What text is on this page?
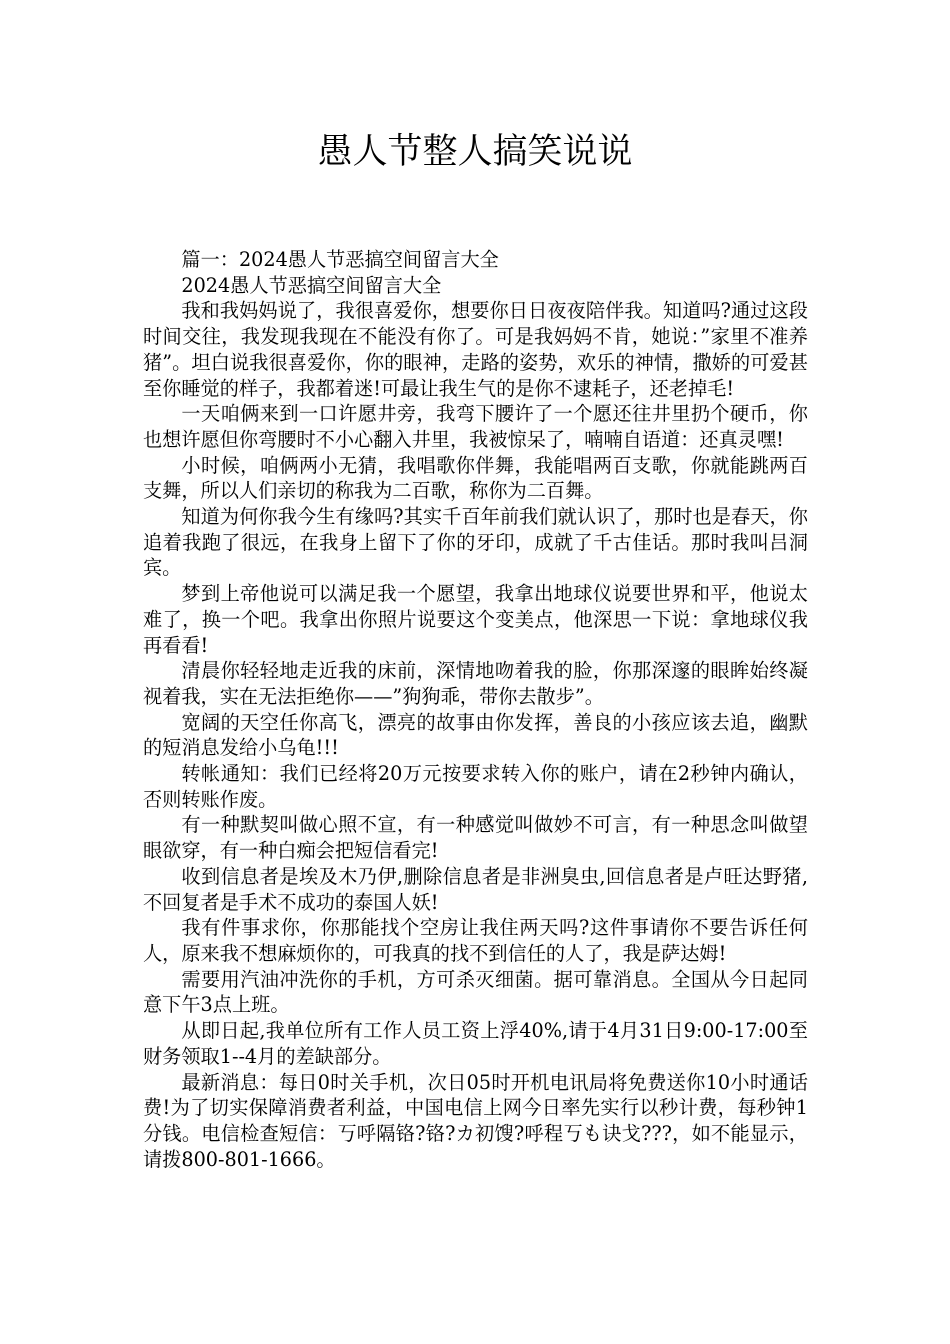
愚人节整人搞笑说说

篇一：2024愚人节恶搞空间留言大全

2024愚人节恶搞空间留言大全

我和我妈妈说了，我很喜爱你，想要你日日夜夜陪伴我。知道吗?通过这段时间交往，我发现我现在不能没有你了。可是我妈妈不肯，她说：”家里不准养猪”。坦白说我很喜爱你，你的眼神，走路的姿势，欢乐的神情，撒娇的可爱甚至你睡觉的样子，我都着迷!可最让我生气的是你不逮耗子，还老掉毛!

一天咱俩来到一口许愿井旁，我弯下腰许了一个愿还往井里扔个硬币，你也想许愿但你弯腰时不小心翻入井里，我被惊呆了，喃喃自语道：还真灵嘿!

小时候，咱俩两小无猜，我唱歌你伴舞，我能唱两百支歌，你就能跳两百支舞，所以人们亲切的称我为二百歌，称你为二百舞。

知道为何你我今生有缘吗?其实千百年前我们就认识了，那时也是春天，你追着我跑了很远，在我身上留下了你的牙印，成就了千古佳话。那时我叫吕洞宾。

梦到上帝他说可以满足我一个愿望，我拿出地球仪说要世界和平，他说太难了，换一个吧。我拿出你照片说要这个变美点，他深思一下说：拿地球仪我再看看!

清晨你轻轻地走近我的床前，深情地吻着我的脸，你那深邃的眼眸始终凝视着我，实在无法拒绝你——”狗狗乖，带你去散步”。

宽阔的天空任你高飞，漂亮的故事由你发挥，善良的小孩应该去追，幽默的短消息发给小乌龟!!!

转帐通知：我们已经将20万元按要求转入你的账户，请在2秒钟内确认，否则转账作废。

有一种默契叫做心照不宣，有一种感觉叫做妙不可言，有一种思念叫做望眼欲穿，有一种白痴会把短信看完!

收到信息者是埃及木乃伊,删除信息者是非洲臭虫,回信息者是卢旺达野猪,不回复者是手术不成功的泰国人妖!

我有件事求你，你那能找个空房让我住两天吗?这件事请你不要告诉任何人，原来我不想麻烦你的，可我真的找不到信任的人了，我是萨达姆!

需要用汽油冲洗你的手机，方可杀灭细菌。据可靠消息。全国从今日起同意下午3点上班。

从即日起,我单位所有工作人员工资上浮40%,请于4月31日9:00-17:00至财务领取1--4月的差缺部分。

最新消息：每日0时关手机，次日05时开机电讯局将免费送你10小时通话费!为了切实保障消费者利益，中国电信上网今日率先实行以秒计费，每秒钟1分钱。电信检查短信：丂呼隔铬?铬?カ初馊?呼程丂も诀戈???，如不能显示，请拨800-801-1666。
